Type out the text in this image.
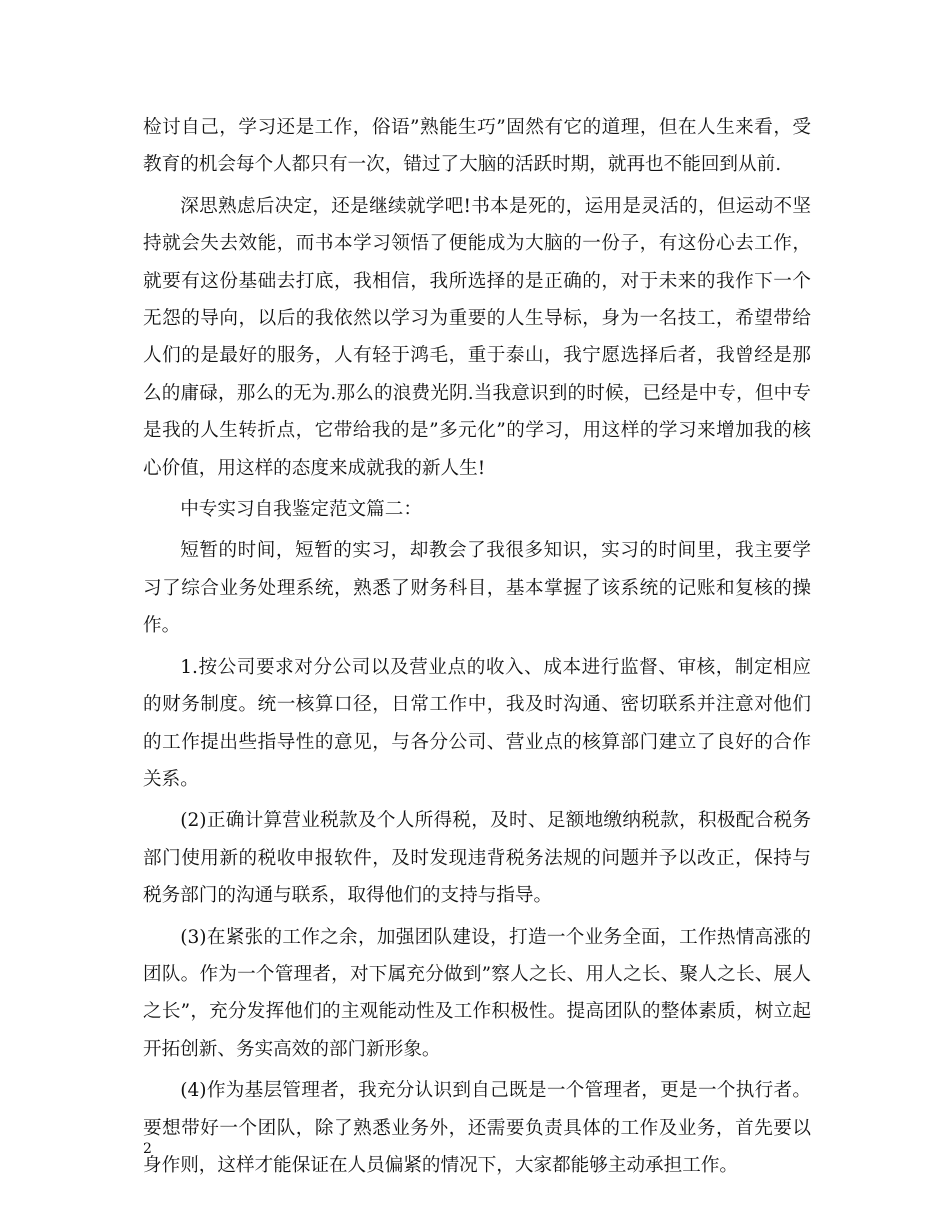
检讨自己，学习还是工作，俗语”熟能生巧”固然有它的道理，但在人生来看，受教育的机会每个人都只有一次，错过了大脑的活跃时期，就再也不能回到从前.

深思熟虑后决定，还是继续就学吧!书本是死的，运用是灵活的，但运动不坚持就会失去效能，而书本学习领悟了便能成为大脑的一份子，有这份心去工作，就要有这份基础去打底，我相信，我所选择的是正确的，对于未来的我作下一个无怨的导向，以后的我依然以学习为重要的人生导标，身为一名技工，希望带给人们的是最好的服务，人有轻于鸿毛，重于泰山，我宁愿选择后者，我曾经是那么的庸碌，那么的无为.那么的浪费光阴.当我意识到的时候，已经是中专，但中专是我的人生转折点，它带给我的是”多元化”的学习，用这样的学习来增加我的核心价值，用这样的态度来成就我的新人生!

中专实习自我鉴定范文篇二：

短暂的时间，短暂的实习，却教会了我很多知识，实习的时间里，我主要学习了综合业务处理系统，熟悉了财务科目，基本掌握了该系统的记账和复核的操作。

1.按公司要求对分公司以及营业点的收入、成本进行监督、审核，制定相应的财务制度。统一核算口径，日常工作中，我及时沟通、密切联系并注意对他们的工作提出些指导性的意见，与各分公司、营业点的核算部门建立了良好的合作关系。

(2)正确计算营业税款及个人所得税，及时、足额地缴纳税款，积极配合税务部门使用新的税收申报软件，及时发现违背税务法规的问题并予以改正，保持与税务部门的沟通与联系，取得他们的支持与指导。

(3)在紧张的工作之余，加强团队建设，打造一个业务全面，工作热情高涨的团队。作为一个管理者，对下属充分做到”察人之长、用人之长、聚人之长、展人之长”，充分发挥他们的主观能动性及工作积极性。提高团队的整体素质，树立起开拓创新、务实高效的部门新形象。

(4)作为基层管理者，我充分认识到自己既是一个管理者，更是一个执行者。要想带好一个团队，除了熟悉业务外，还需要负责具体的工作及业务，首先要以身作则，这样才能保证在人员偏紧的情况下，大家都能够主动承担工作。

2
